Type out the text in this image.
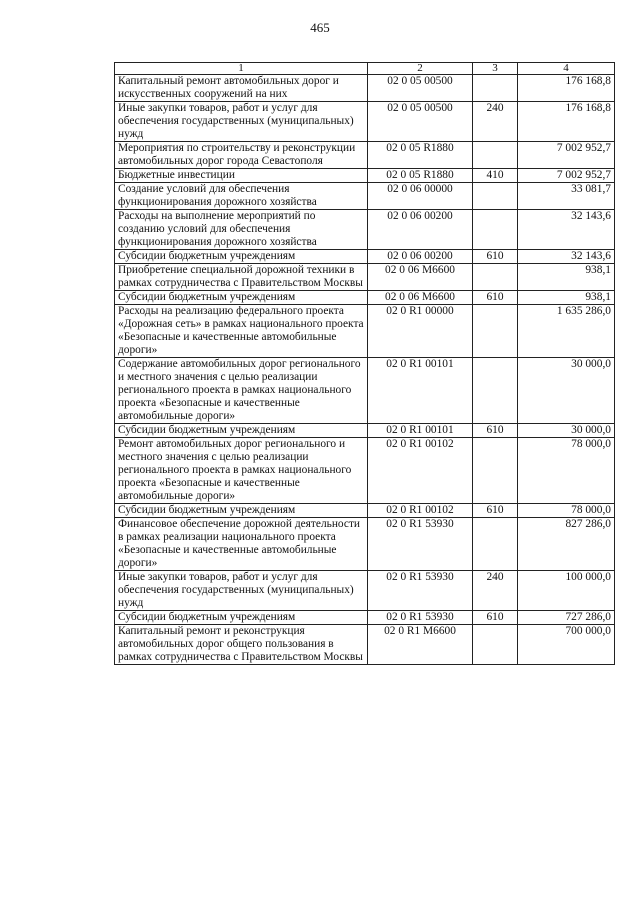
465
1	2	3	4
Капитальный ремонт автомобильных дорог и искусственных сооружений на них	02 0 05 00500		176 168,8
Иные закупки товаров, работ и услуг для обеспечения государственных (муниципальных) нужд	02 0 05 00500	240	176 168,8
Мероприятия по строительству и реконструкции автомобильных дорог города Севастополя	02 0 05 R1880		7 002 952,7
Бюджетные инвестиции	02 0 05 R1880	410	7 002 952,7
Создание условий для обеспечения функционирования дорожного хозяйства	02 0 06 00000		33 081,7
Расходы на выполнение мероприятий по созданию условий для обеспечения функционирования дорожного хозяйства	02 0 06 00200		32 143,6
Субсидии бюджетным учреждениям	02 0 06 00200	610	32 143,6
Приобретение специальной дорожной техники в рамках сотрудничества с Правительством Москвы	02 0 06 M6600		938,1
Субсидии бюджетным учреждениям	02 0 06 M6600	610	938,1
Расходы на реализацию федерального проекта «Дорожная сеть» в рамках национального проекта «Безопасные и качественные автомобильные дороги»	02 0 R1 00000		1 635 286,0
Содержание автомобильных дорог регионального и местного значения с целью реализации регионального проекта в рамках национального проекта «Безопасные и качественные автомобильные дороги»	02 0 R1 00101		30 000,0
Субсидии бюджетным учреждениям	02 0 R1 00101	610	30 000,0
Ремонт автомобильных дорог регионального и местного значения с целью реализации регионального проекта в рамках национального проекта «Безопасные и качественные автомобильные дороги»	02 0 R1 00102		78 000,0
Субсидии бюджетным учреждениям	02 0 R1 00102	610	78 000,0
Финансовое обеспечение дорожной деятельности в рамках реализации национального проекта «Безопасные и качественные автомобильные дороги»	02 0 R1 53930		827 286,0
Иные закупки товаров, работ и услуг для обеспечения государственных (муниципальных) нужд	02 0 R1 53930	240	100 000,0
Субсидии бюджетным учреждениям	02 0 R1 53930	610	727 286,0
Капитальный ремонт и реконструкция автомобильных дорог общего пользования в рамках сотрудничества с Правительством Москвы	02 0 R1 M6600		700 000,0
